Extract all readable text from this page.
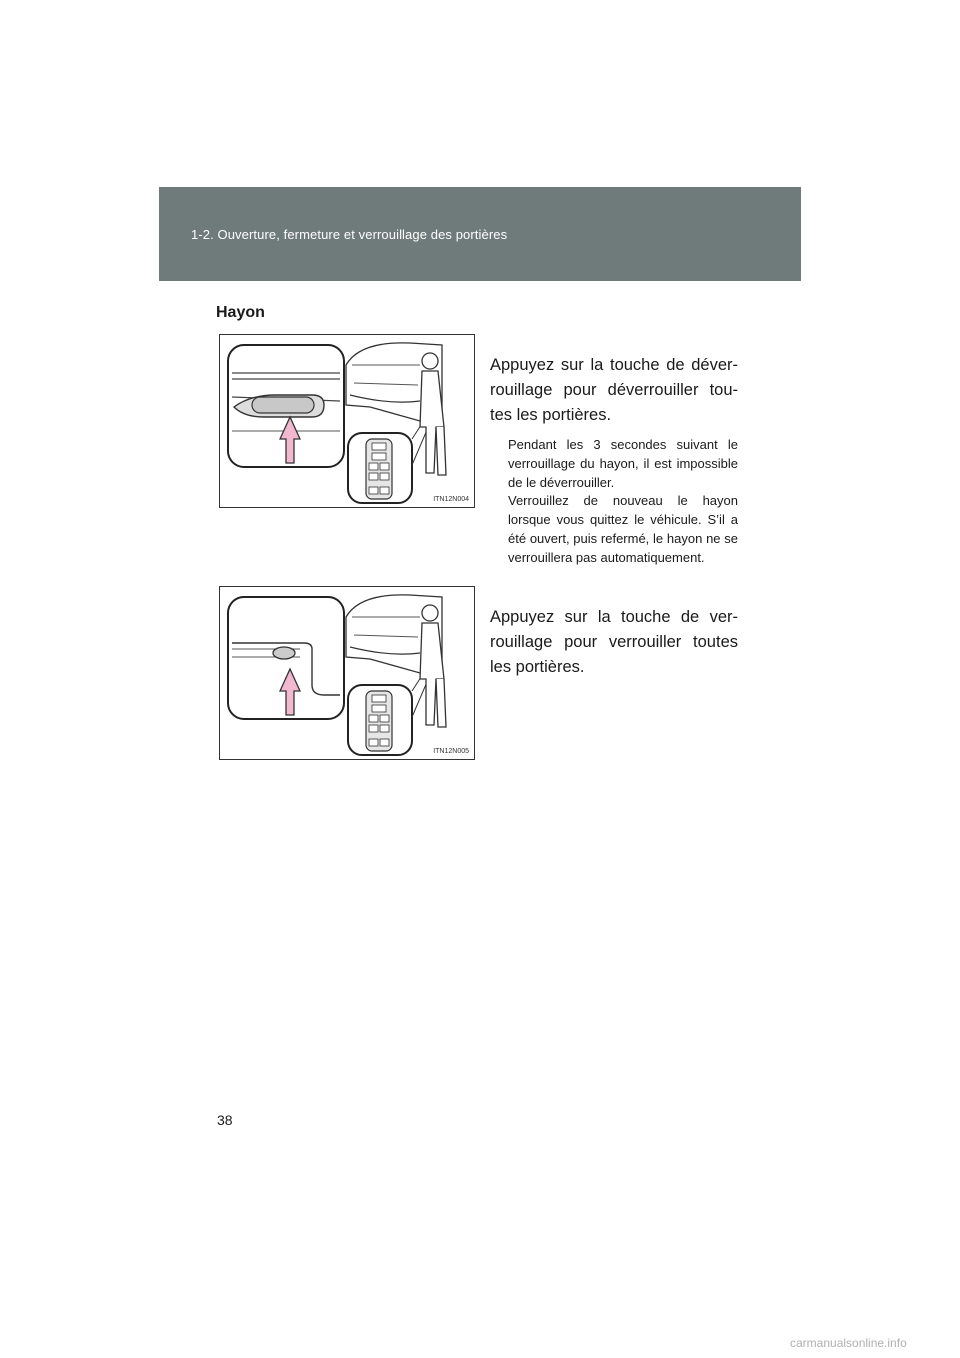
1-2. Ouverture, fermeture et verrouillage des portières
Hayon
ITN12N004
ITN12N005

Appuyez sur la touche de déver-rouillage pour déverrouiller tou-tes les portières.

Pendant les 3 secondes suivant le verrouillage du hayon, il est impossible de le déverrouiller.

Verrouillez de nouveau le hayon lorsque vous quittez le véhicule. S’il a été ouvert, puis refermé, le hayon ne se verrouillera pas automatiquement.

Appuyez sur la touche de ver-rouillage pour verrouiller toutes les portières.

38
carmanualsonline.info
